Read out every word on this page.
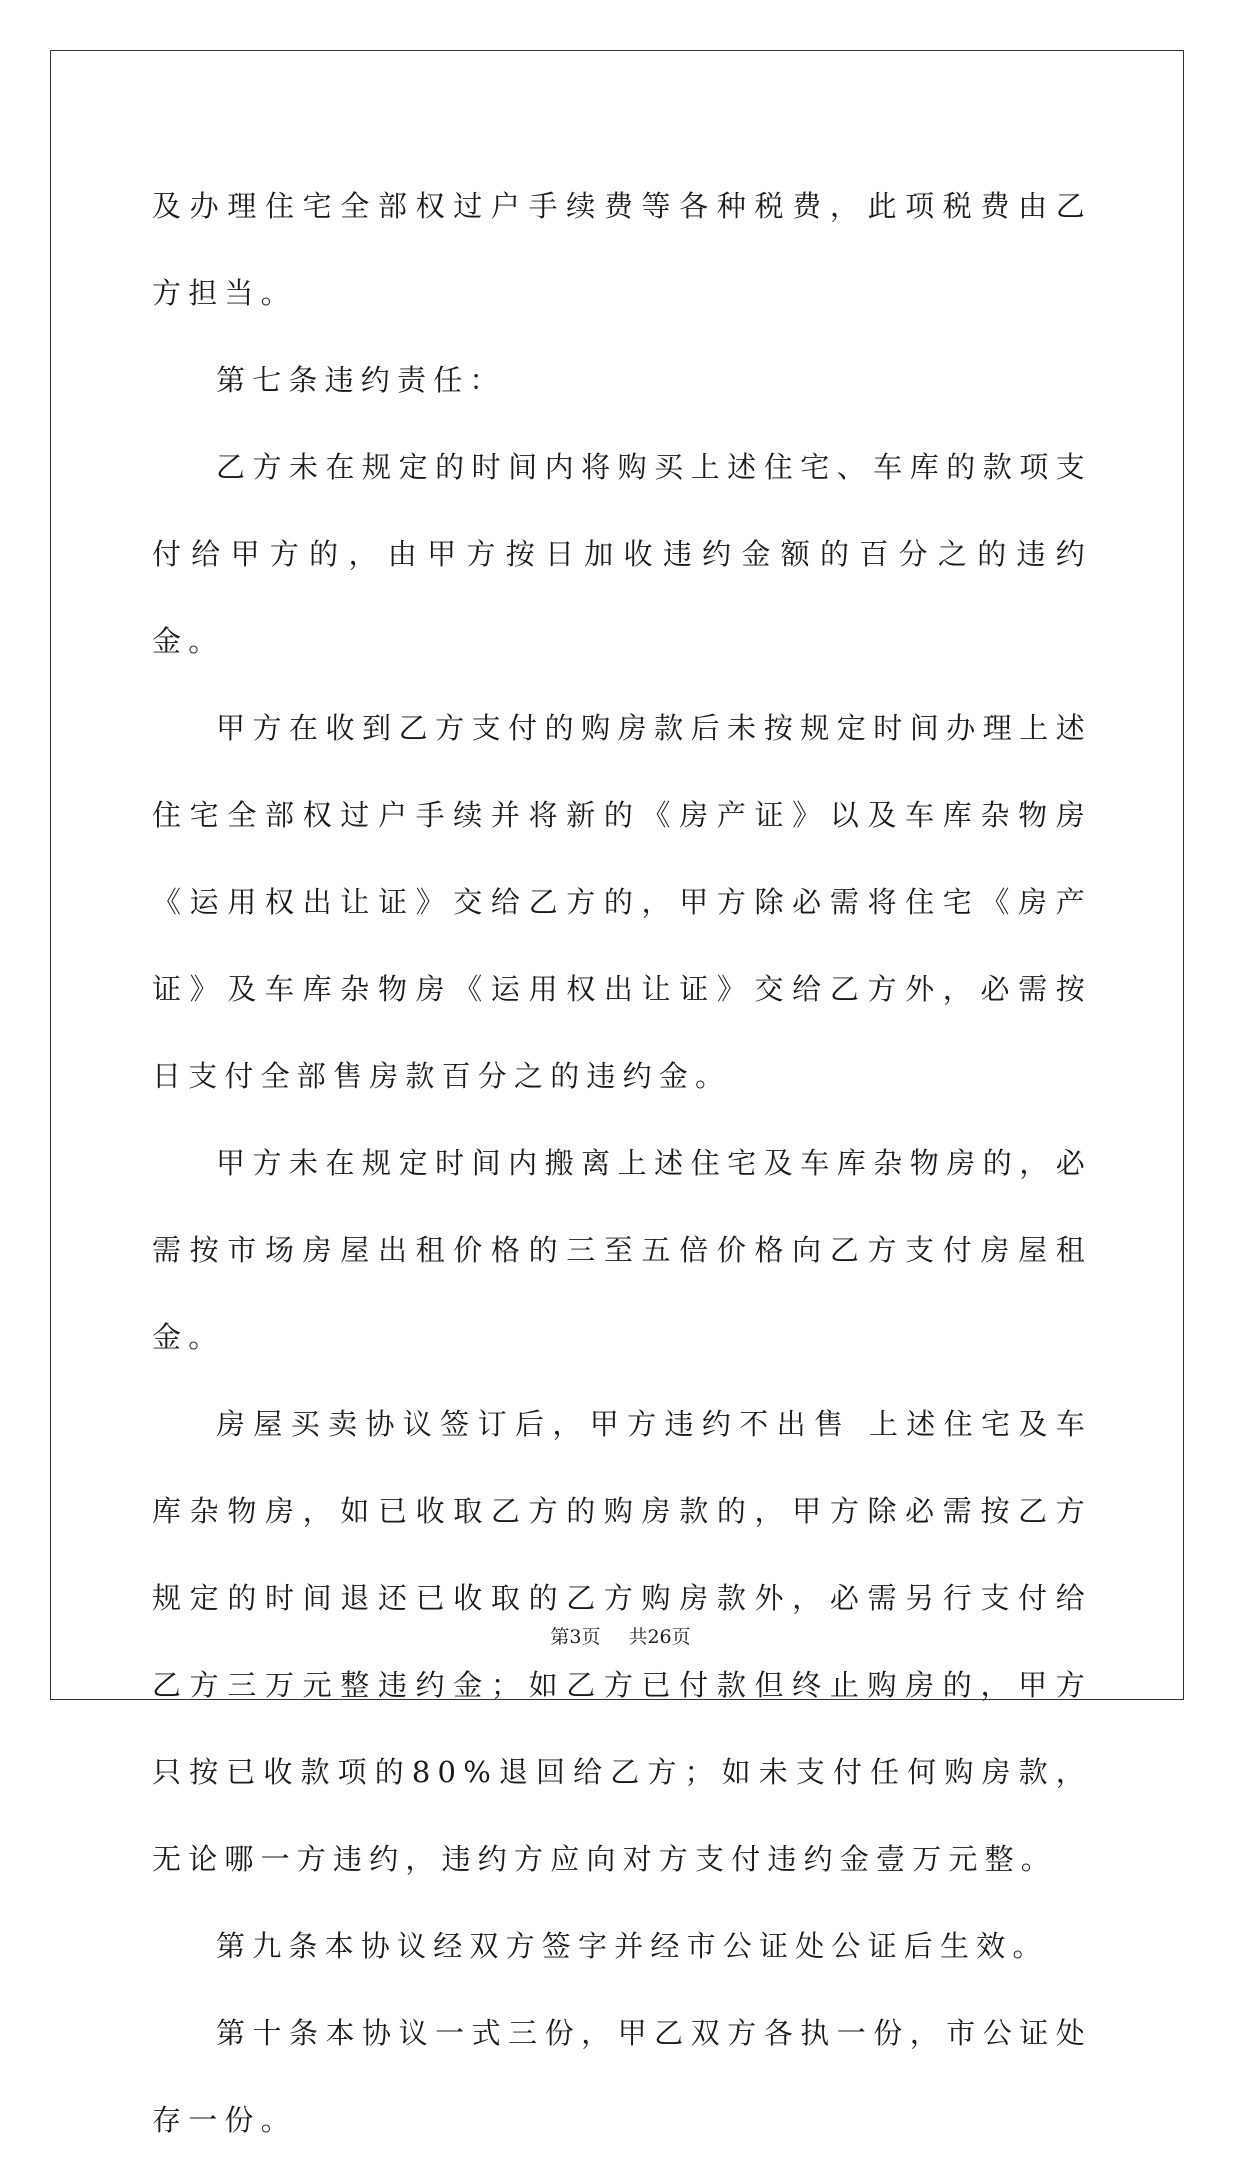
及办理住宅全部权过户手续费等各种税费，此项税费由乙方担当。

第七条违约责任：

乙方未在规定的时间内将购买上述住宅、车库的款项支付给甲方的，由甲方按日加收违约金额的百分之的违约金。

甲方在收到乙方支付的购房款后未按规定时间办理上述住宅全部权过户手续并将新的《房产证》以及车库杂物房《运用权出让证》交给乙方的，甲方除必需将住宅《房产证》及车库杂物房《运用权出让证》交给乙方外，必需按日支付全部售房款百分之的违约金。

甲方未在规定时间内搬离上述住宅及车库杂物房的，必需按市场房屋出租价格的三至五倍价格向乙方支付房屋租金。

房屋买卖协议签订后，甲方违约不出售 上述住宅及车库杂物房，如已收取乙方的购房款的，甲方除必需按乙方规定的时间退还已收取的乙方购房款外，必需另行支付给乙方三万元整违约金；如乙方已付款但终止购房的，甲方只按已收款项的80%退回给乙方；如未支付任何购房款，无论哪一方违约，违约方应向对方支付违约金壹万元整。

第九条本协议经双方签字并经市公证处公证后生效。

第十条本协议一式三份，甲乙双方各执一份，市公证处存一份。

第3页 共26页
